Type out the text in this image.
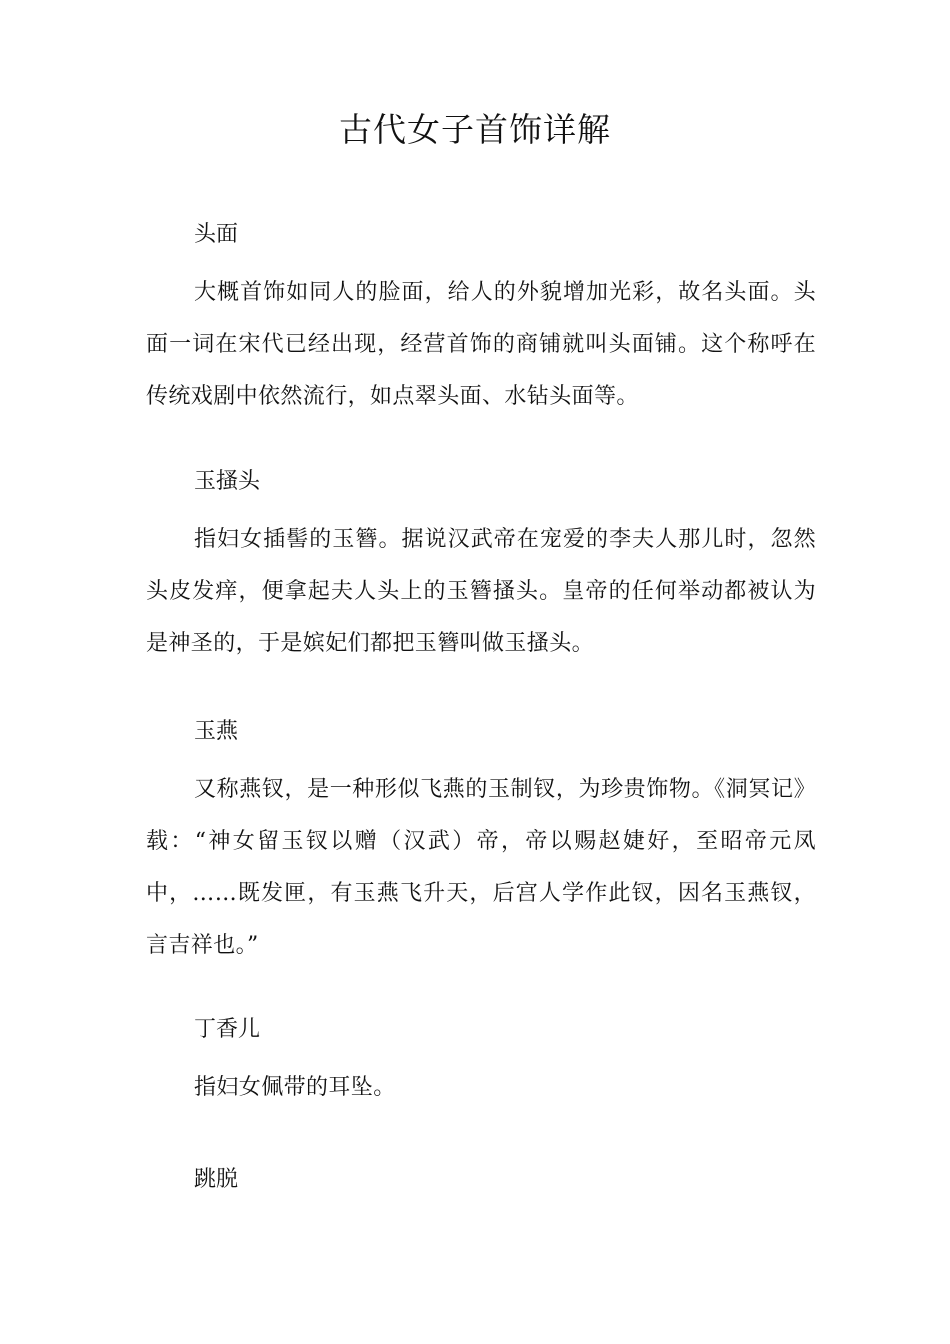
古代女子首饰详解

头面

大概首饰如同人的脸面，给人的外貌增加光彩，故名头面。头面一词在宋代已经出现，经营首饰的商铺就叫头面铺。这个称呼在传统戏剧中依然流行，如点翠头面、水钻头面等。

玉搔头

指妇女插髻的玉簪。据说汉武帝在宠爱的李夫人那儿时，忽然头皮发痒，便拿起夫人头上的玉簪搔头。皇帝的任何举动都被认为是神圣的，于是嫔妃们都把玉簪叫做玉搔头。

玉燕

又称燕钗，是一种形似飞燕的玉制钗，为珍贵饰物。《洞冥记》载：“神女留玉钗以赠（汉武）帝，帝以赐赵婕好，至昭帝元凤中，……既发匣，有玉燕飞升天，后宫人学作此钗，因名玉燕钗，言吉祥也。”

丁香儿

指妇女佩带的耳坠。

跳脱
